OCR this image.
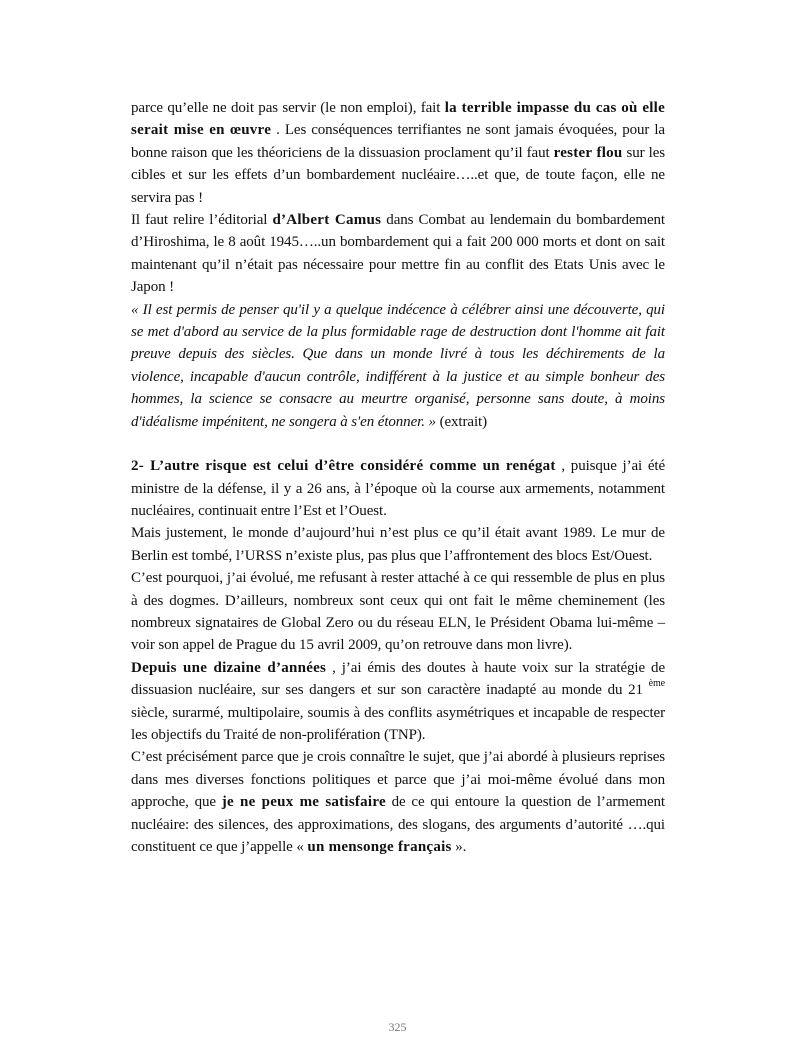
parce qu’elle ne doit pas servir (le non emploi), fait la terrible impasse du cas où elle serait mise en œuvre . Les conséquences terrifiantes ne sont jamais évoquées, pour la bonne raison que les théoriciens de la dissuasion proclament qu’il faut rester flou sur les cibles et sur les effets d’un bombardement nucléaire…..et que, de toute façon, elle ne servira pas !

Il faut relire l’éditorial d’Albert Camus dans Combat au lendemain du bombardement d’Hiroshima, le 8 août 1945…..un bombardement qui a fait 200 000 morts et dont on sait maintenant qu’il n’était pas nécessaire pour mettre fin au conflit des Etats Unis avec le Japon !

« Il est permis de penser qu'il y a quelque indécence à célébrer ainsi une découverte, qui se met d'abord au service de la plus formidable rage de destruction dont l'homme ait fait preuve depuis des siècles. Que dans un monde livré à tous les déchirements de la violence, incapable d'aucun contrôle, indifférent à la justice et au simple bonheur des hommes, la science se consacre au meurtre organisé, personne sans doute, à moins d'idéalisme impénitent, ne songera à s'en étonner. » (extrait)

2- L’autre risque est celui d’être considéré comme un renégat , puisque j’ai été ministre de la défense, il y a 26 ans, à l’époque où la course aux armements, notamment nucléaires, continuait entre l’Est et l’Ouest.

Mais justement, le monde d’aujourd’hui n’est plus ce qu’il était avant 1989. Le mur de Berlin est tombé, l’URSS n’existe plus, pas plus que l’affrontement des blocs Est/Ouest.

C’est pourquoi, j’ai évolué, me refusant à rester attaché à ce qui ressemble de plus en plus à des dogmes. D’ailleurs, nombreux sont ceux qui ont fait le même cheminement (les nombreux signataires de Global Zero ou du réseau ELN, le Président Obama lui-même –voir son appel de Prague du 15 avril 2009, qu’on retrouve dans mon livre).

Depuis une dizaine d’années , j’ai émis des doutes à haute voix sur la stratégie de dissuasion nucléaire, sur ses dangers et sur son caractère inadapté au monde du 21 $^{ème}$ siècle, surarmé, multipolaire, soumis à des conflits asymétriques et incapable de respecter les objectifs du Traité de non-prolifération (TNP).

C’est précisément parce que je crois connaître le sujet, que j’ai abordé à plusieurs reprises dans mes diverses fonctions politiques et parce que j’ai moi-même évolué dans mon approche, que je ne peux me satisfaire de ce qui entoure la question de l’armement nucléaire: des silences, des approximations, des slogans, des arguments d’autorité ….qui constituent ce que j’appelle « un mensonge français ».

325
